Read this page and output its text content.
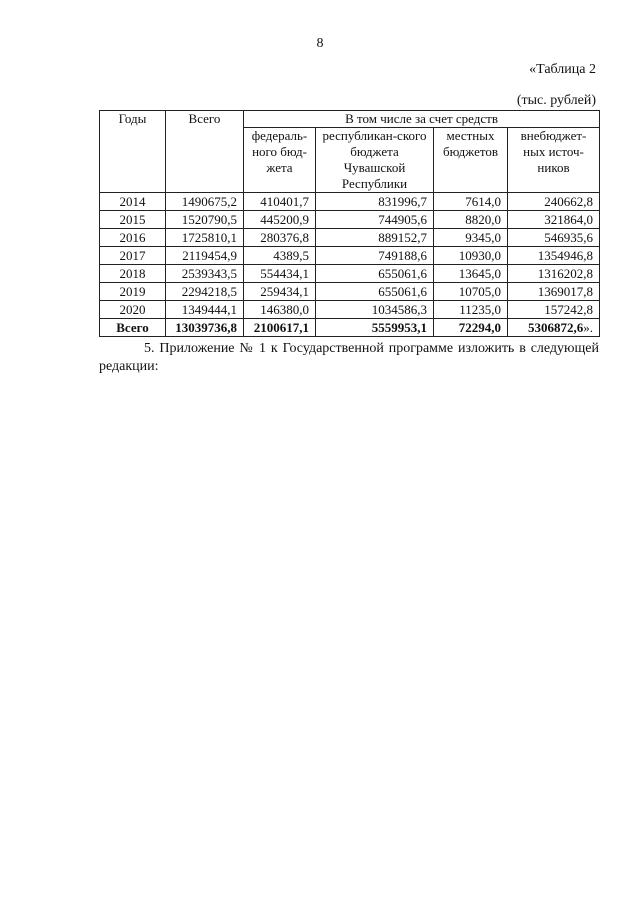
8
«Таблица 2
(тыс. рублей)
Годы	Всего	В том числе за счет средств			
		федераль-ного бюд-жета	республикан-ского бюджета Чувашской Республики	местных бюджетов	внебюджет-ных источ-ников
2014	1490675,2	410401,7	831996,7	7614,0	240662,8
2015	1520790,5	445200,9	744905,6	8820,0	321864,0
2016	1725810,1	280376,8	889152,7	9345,0	546935,6
2017	2119454,9	4389,5	749188,6	10930,0	1354946,8
2018	2539343,5	554434,1	655061,6	13645,0	1316202,8
2019	2294218,5	259434,1	655061,6	10705,0	1369017,8
2020	1349444,1	146380,0	1034586,3	11235,0	157242,8
Всего	13039736,8	2100617,1	5559953,1	72294,0	5306872,6».
5. Приложение № 1 к Государственной программе изложить в следующей редакции:
